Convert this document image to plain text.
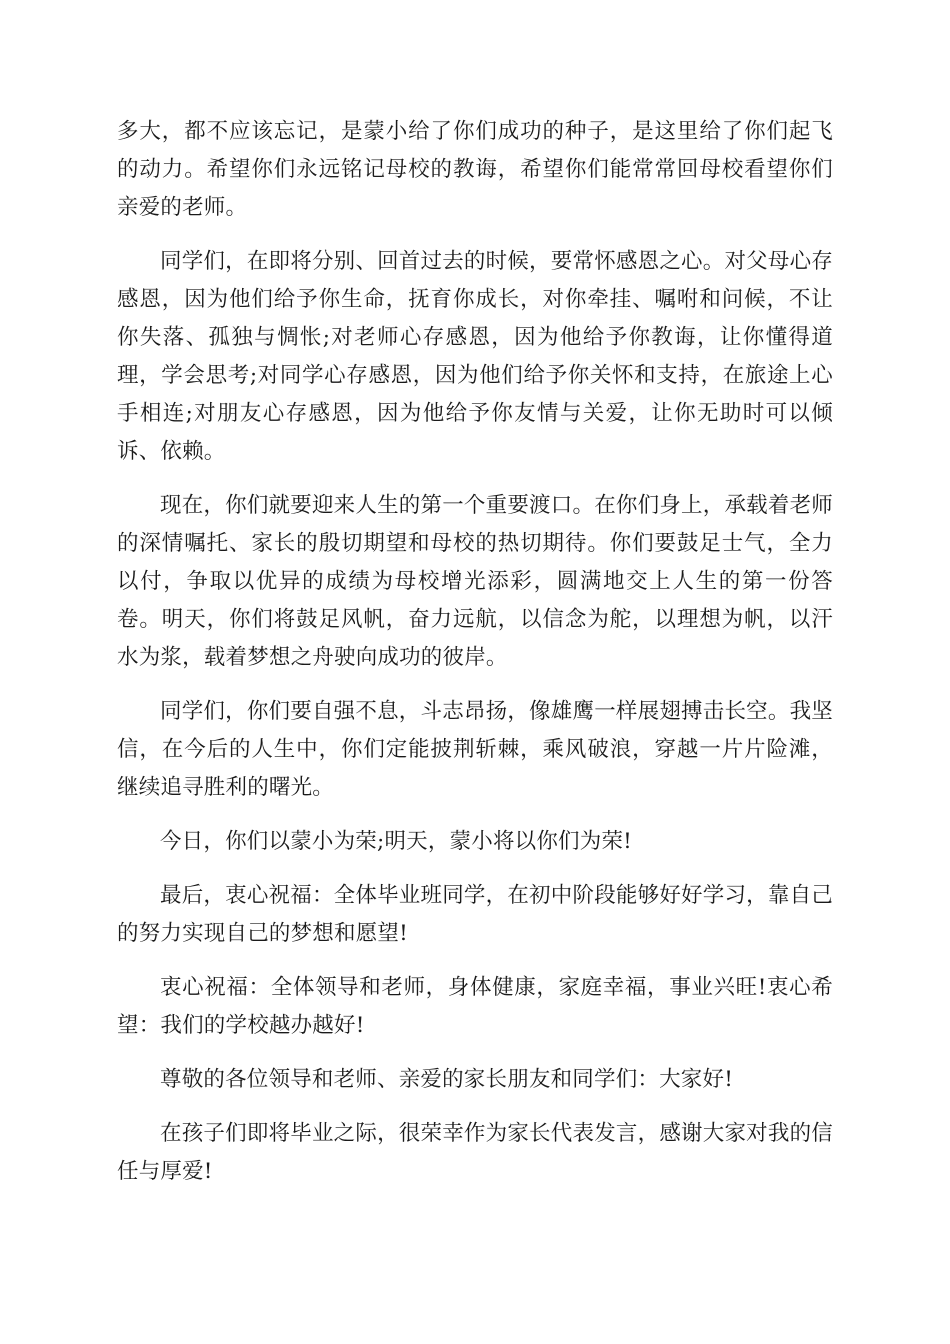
多大，都不应该忘记，是蒙小给了你们成功的种子，是这里给了你们起飞的动力。希望你们永远铭记母校的教诲，希望你们能常常回母校看望你们亲爱的老师。

同学们，在即将分别、回首过去的时候，要常怀感恩之心。对父母心存感恩，因为他们给予你生命，抚育你成长，对你牵挂、嘱咐和问候，不让你失落、孤独与惆怅;对老师心存感恩，因为他给予你教诲，让你懂得道理，学会思考;对同学心存感恩，因为他们给予你关怀和支持，在旅途上心手相连;对朋友心存感恩，因为他给予你友情与关爱，让你无助时可以倾诉、依赖。

现在，你们就要迎来人生的第一个重要渡口。在你们身上，承载着老师的深情嘱托、家长的殷切期望和母校的热切期待。你们要鼓足士气，全力以付，争取以优异的成绩为母校增光添彩，圆满地交上人生的第一份答卷。明天，你们将鼓足风帆，奋力远航，以信念为舵，以理想为帆，以汗水为浆，载着梦想之舟驶向成功的彼岸。

同学们，你们要自强不息，斗志昂扬，像雄鹰一样展翅搏击长空。我坚信，在今后的人生中，你们定能披荆斩棘，乘风破浪，穿越一片片险滩，继续追寻胜利的曙光。

今日，你们以蒙小为荣;明天，蒙小将以你们为荣!

最后，衷心祝福：全体毕业班同学，在初中阶段能够好好学习，靠自己的努力实现自己的梦想和愿望!

衷心祝福：全体领导和老师，身体健康，家庭幸福，事业兴旺!衷心希望：我们的学校越办越好!

尊敬的各位领导和老师、亲爱的家长朋友和同学们：大家好!

在孩子们即将毕业之际，很荣幸作为家长代表发言，感谢大家对我的信任与厚爱!
